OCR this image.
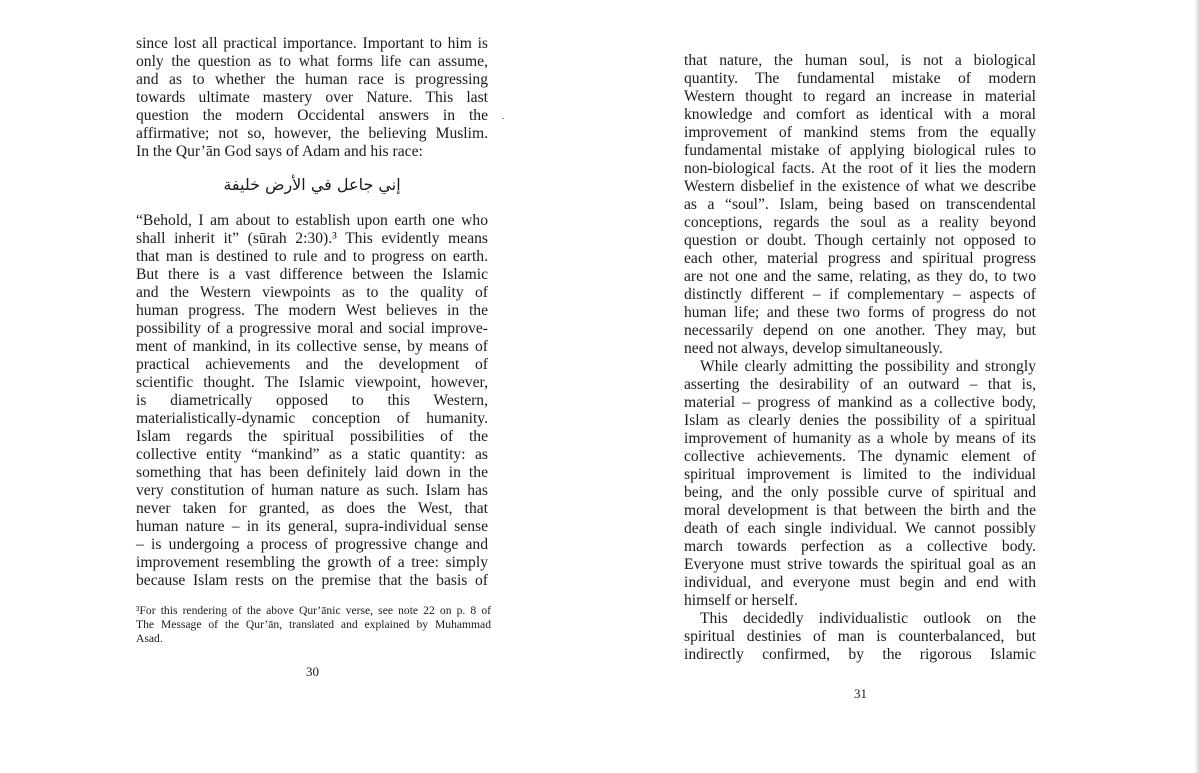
since lost all practical importance. Important to him is
only the question as to what forms life can assume,
and as to whether the human race is progressing
towards ultimate mastery over Nature. This last
question the modern Occidental answers in the
affirmative; not so, however, the believing Muslim.
In the Qur’ān God says of Adam and his race:
إني جاعل في الأرض خليفة
“Behold, I am about to establish upon earth one who
shall inherit it” (sūrah 2:30).³ This evidently means
that man is destined to rule and to progress on earth.
But there is a vast difference between the Islamic
and the Western viewpoints as to the quality of
human progress. The modern West believes in the
possibility of a progressive moral and social improve-
ment of mankind, in its collective sense, by means of
practical achievements and the development of
scientific thought. The Islamic viewpoint, however,
is diametrically opposed to this Western,
materialistically-dynamic conception of humanity.
Islam regards the spiritual possibilities of the
collective entity “mankind” as a static quantity: as
something that has been definitely laid down in the
very constitution of human nature as such. Islam has
never taken for granted, as does the West, that
human nature – in its general, supra-individual sense
– is undergoing a process of progressive change and
improvement resembling the growth of a tree: simply
because Islam rests on the premise that the basis of
³For this rendering of the above Qur’ānic verse, see note 22 on p. 8 of
The Message of the Qur’ān, translated and explained by Muhammad
Asad.
30
that nature, the human soul, is not a biological
quantity. The fundamental mistake of modern
Western thought to regard an increase in material
knowledge and comfort as identical with a moral
improvement of mankind stems from the equally
fundamental mistake of applying biological rules to
non-biological facts. At the root of it lies the modern
Western disbelief in the existence of what we describe
as a “soul”. Islam, being based on transcendental
conceptions, regards the soul as a reality beyond
question or doubt. Though certainly not opposed to
each other, material progress and spiritual progress
are not one and the same, relating, as they do, to two
distinctly different – if complementary – aspects of
human life; and these two forms of progress do not
necessarily depend on one another. They may, but
need not always, develop simultaneously.
While clearly admitting the possibility and strongly
asserting the desirability of an outward – that is,
material – progress of mankind as a collective body,
Islam as clearly denies the possibility of a spiritual
improvement of humanity as a whole by means of its
collective achievements. The dynamic element of
spiritual improvement is limited to the individual
being, and the only possible curve of spiritual and
moral development is that between the birth and the
death of each single individual. We cannot possibly
march towards perfection as a collective body.
Everyone must strive towards the spiritual goal as an
individual, and everyone must begin and end with
himself or herself.
This decidedly individualistic outlook on the
spiritual destinies of man is counterbalanced, but
indirectly confirmed, by the rigorous Islamic
31
